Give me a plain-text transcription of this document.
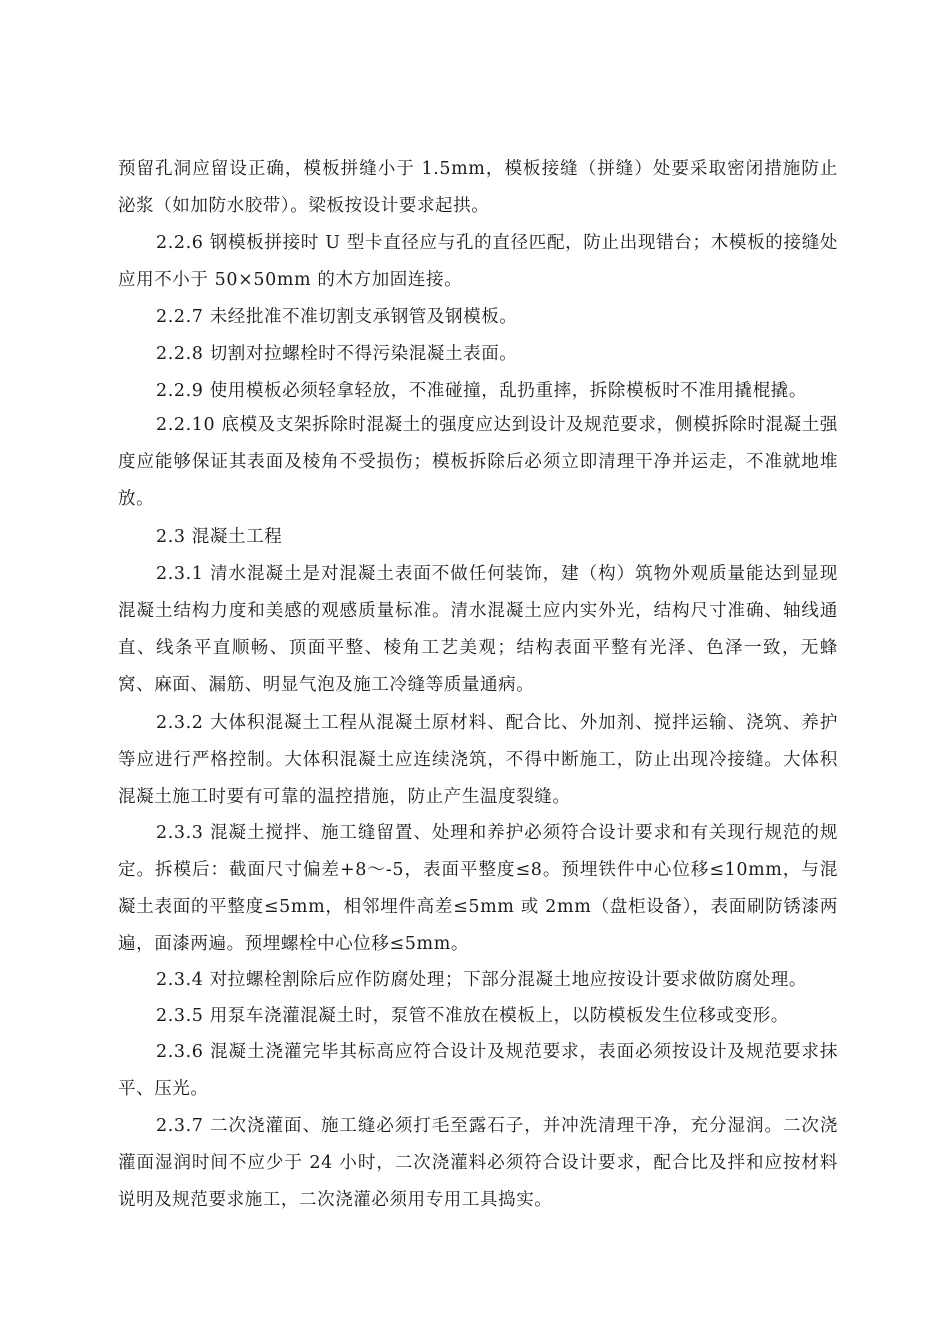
预留孔洞应留设正确，模板拼缝小于 1.5mm，模板接缝（拼缝）处要采取密闭措施防止泌浆（如加防水胶带）。梁板按设计要求起拱。

2.2.6 钢模板拼接时 U 型卡直径应与孔的直径匹配，防止出现错台；木模板的接缝处应用不小于 50×50mm 的木方加固连接。

2.2.7 未经批准不准切割支承钢管及钢模板。

2.2.8 切割对拉螺栓时不得污染混凝土表面。

2.2.9 使用模板必须轻拿轻放，不准碰撞，乱扔重摔，拆除模板时不准用撬棍撬。

2.2.10 底模及支架拆除时混凝土的强度应达到设计及规范要求，侧模拆除时混凝土强度应能够保证其表面及棱角不受损伤；模板拆除后必须立即清理干净并运走，不准就地堆放。

2.3 混凝土工程

2.3.1 清水混凝土是对混凝土表面不做任何装饰，建（构）筑物外观质量能达到显现混凝土结构力度和美感的观感质量标准。清水混凝土应内实外光，结构尺寸准确、轴线通直、线条平直顺畅、顶面平整、棱角工艺美观；结构表面平整有光泽、色泽一致，无蜂窝、麻面、漏筋、明显气泡及施工冷缝等质量通病。

2.3.2 大体积混凝土工程从混凝土原材料、配合比、外加剂、搅拌运输、浇筑、养护等应进行严格控制。大体积混凝土应连续浇筑，不得中断施工，防止出现冷接缝。大体积混凝土施工时要有可靠的温控措施，防止产生温度裂缝。

2.3.3 混凝土搅拌、施工缝留置、处理和养护必须符合设计要求和有关现行规范的规定。拆模后：截面尺寸偏差+8～-5，表面平整度≤8。预埋铁件中心位移≤10mm，与混凝土表面的平整度≤5mm，相邻埋件高差≤5mm 或 2mm（盘柜设备），表面刷防锈漆两遍，面漆两遍。预埋螺栓中心位移≤5mm。

2.3.4 对拉螺栓割除后应作防腐处理；下部分混凝土地应按设计要求做防腐处理。

2.3.5 用泵车浇灌混凝土时，泵管不准放在模板上，以防模板发生位移或变形。

2.3.6 混凝土浇灌完毕其标高应符合设计及规范要求，表面必须按设计及规范要求抹平、压光。

2.3.7 二次浇灌面、施工缝必须打毛至露石子，并冲洗清理干净，充分湿润。二次浇灌面湿润时间不应少于 24 小时，二次浇灌料必须符合设计要求，配合比及拌和应按材料说明及规范要求施工，二次浇灌必须用专用工具捣实。
